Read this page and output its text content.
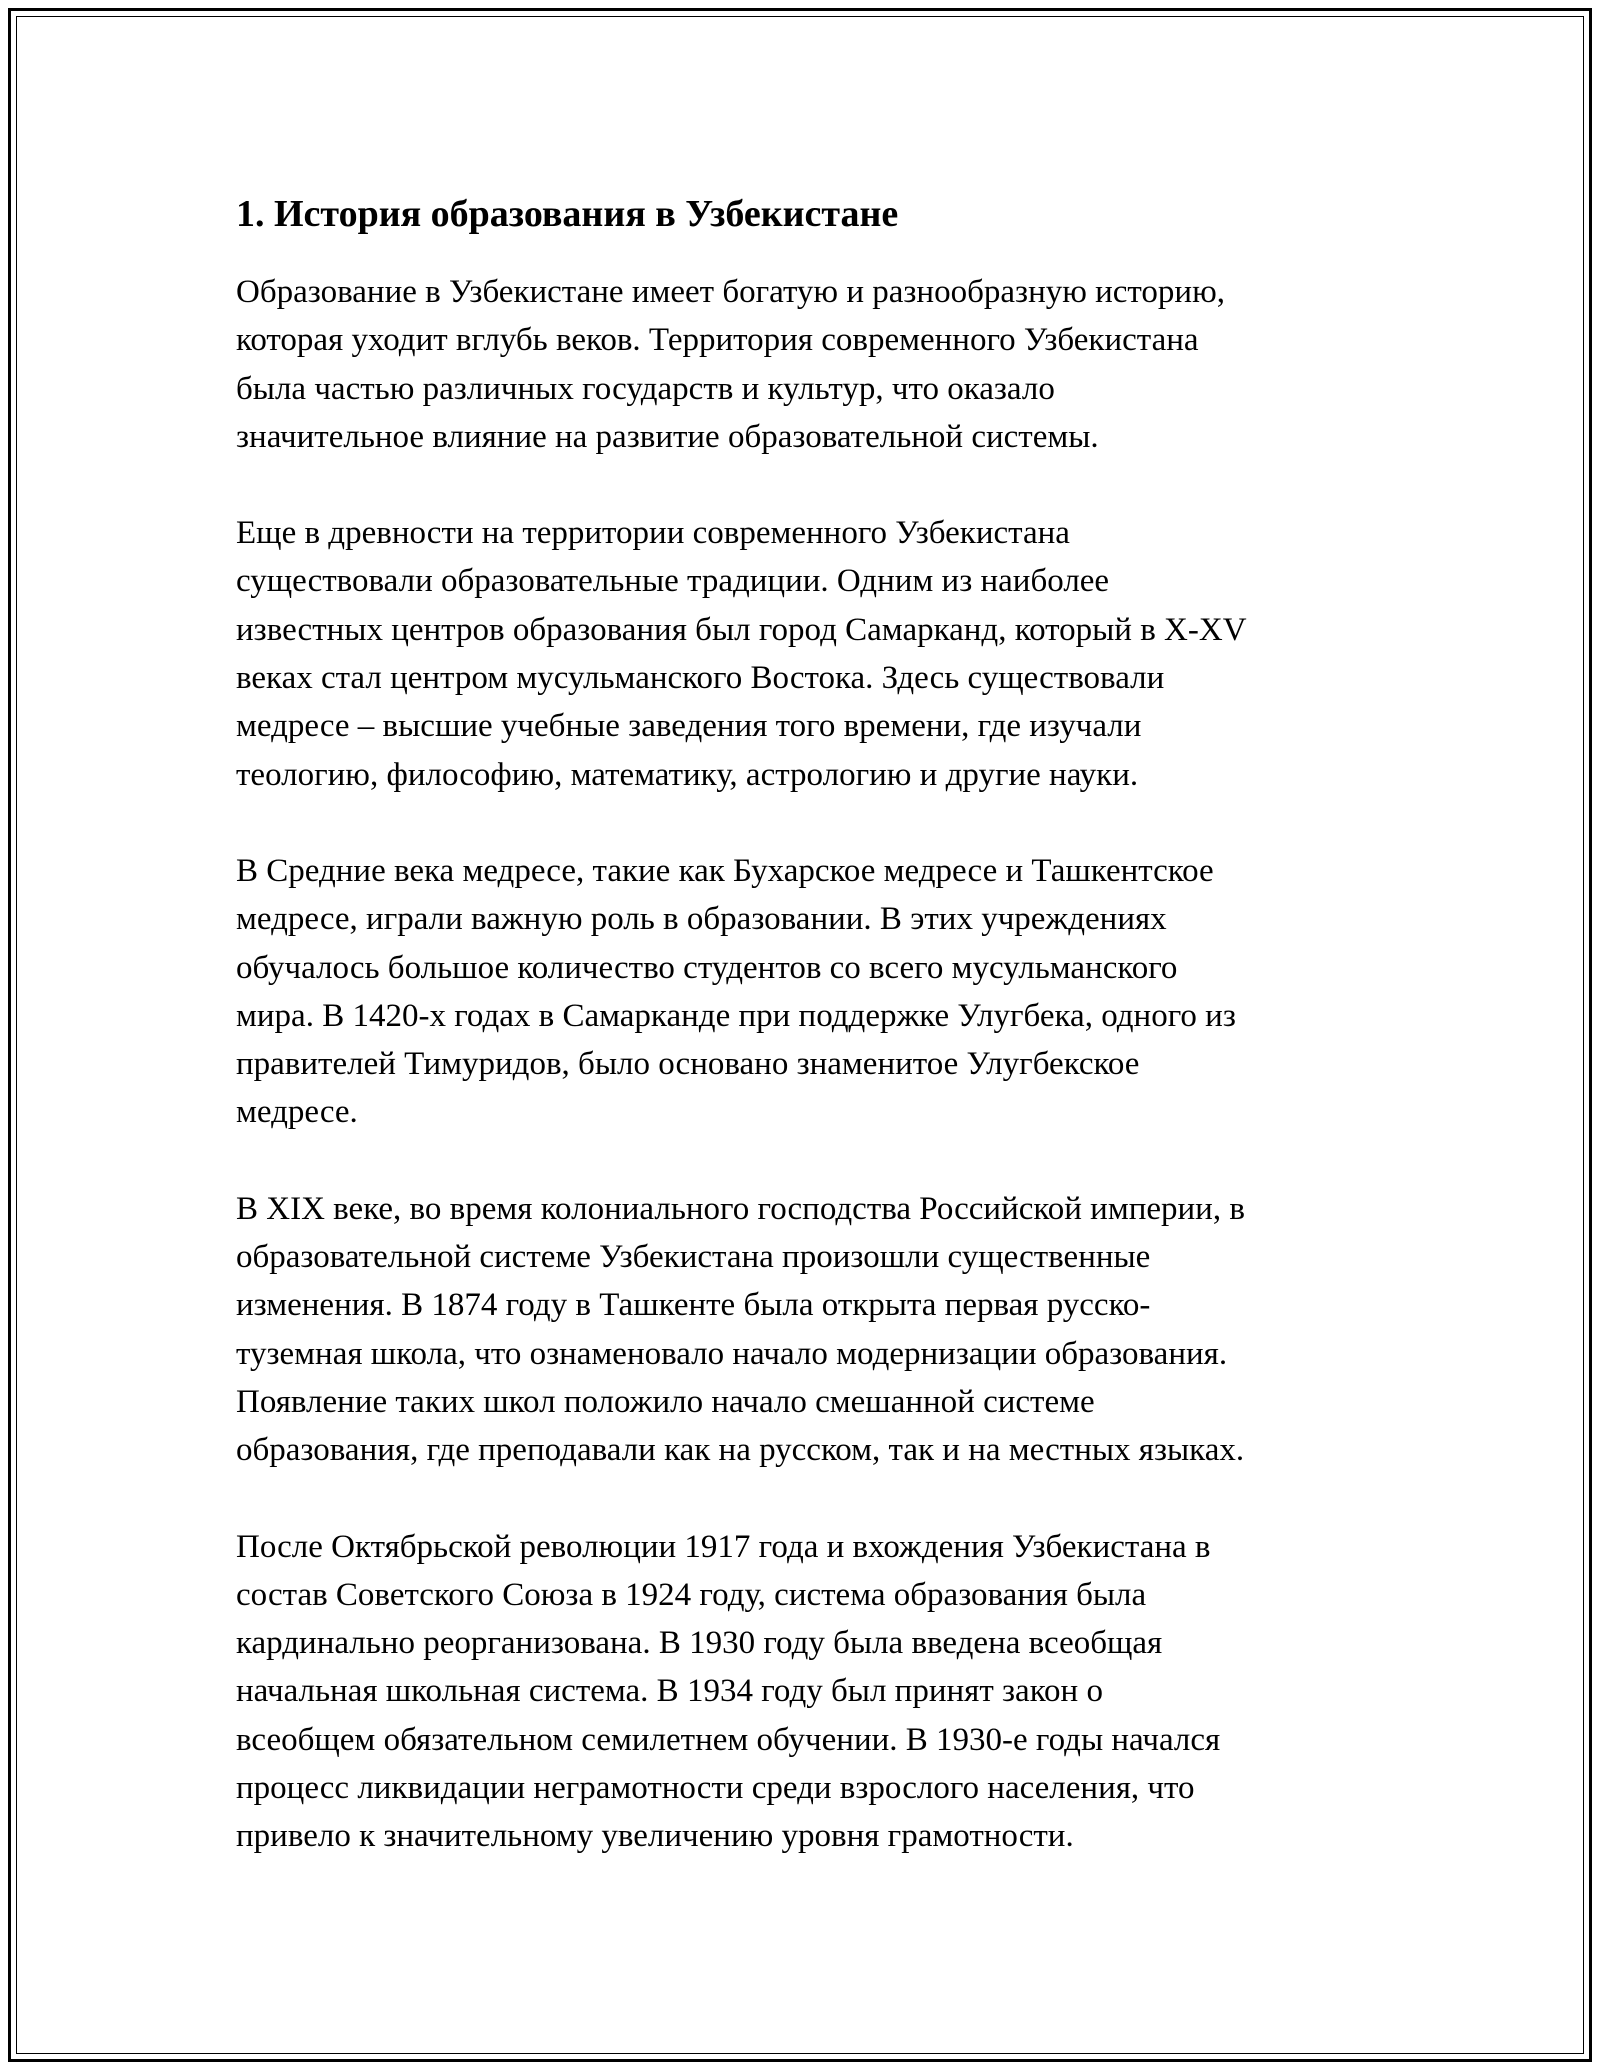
1. История образования в Узбекистане

Образование в Узбекистане имеет богатую и разнообразную историю,
которая уходит вглубь веков. Территория современного Узбекистана
была частью различных государств и культур, что оказало
значительное влияние на развитие образовательной системы.

Еще в древности на территории современного Узбекистана
существовали образовательные традиции. Одним из наиболее
известных центров образования был город Самарканд, который в X-XV
веках стал центром мусульманского Востока. Здесь существовали
медресе – высшие учебные заведения того времени, где изучали
теологию, философию, математику, астрологию и другие науки.

В Средние века медресе, такие как Бухарское медресе и Ташкентское
медресе, играли важную роль в образовании. В этих учреждениях
обучалось большое количество студентов со всего мусульманского
мира. В 1420-х годах в Самарканде при поддержке Улугбека, одного из
правителей Тимуридов, было основано знаменитое Улугбекское
медресе.

В XIX веке, во время колониального господства Российской империи, в
образовательной системе Узбекистана произошли существенные
изменения. В 1874 году в Ташкенте была открыта первая русско-
туземная школа, что ознаменовало начало модернизации образования.
Появление таких школ положило начало смешанной системе
образования, где преподавали как на русском, так и на местных языках.

После Октябрьской революции 1917 года и вхождения Узбекистана в
состав Советского Союза в 1924 году, система образования была
кардинально реорганизована. В 1930 году была введена всеобщая
начальная школьная система. В 1934 году был принят закон о
всеобщем обязательном семилетнем обучении. В 1930-е годы начался
процесс ликвидации неграмотности среди взрослого населения, что
привело к значительному увеличению уровня грамотности.
